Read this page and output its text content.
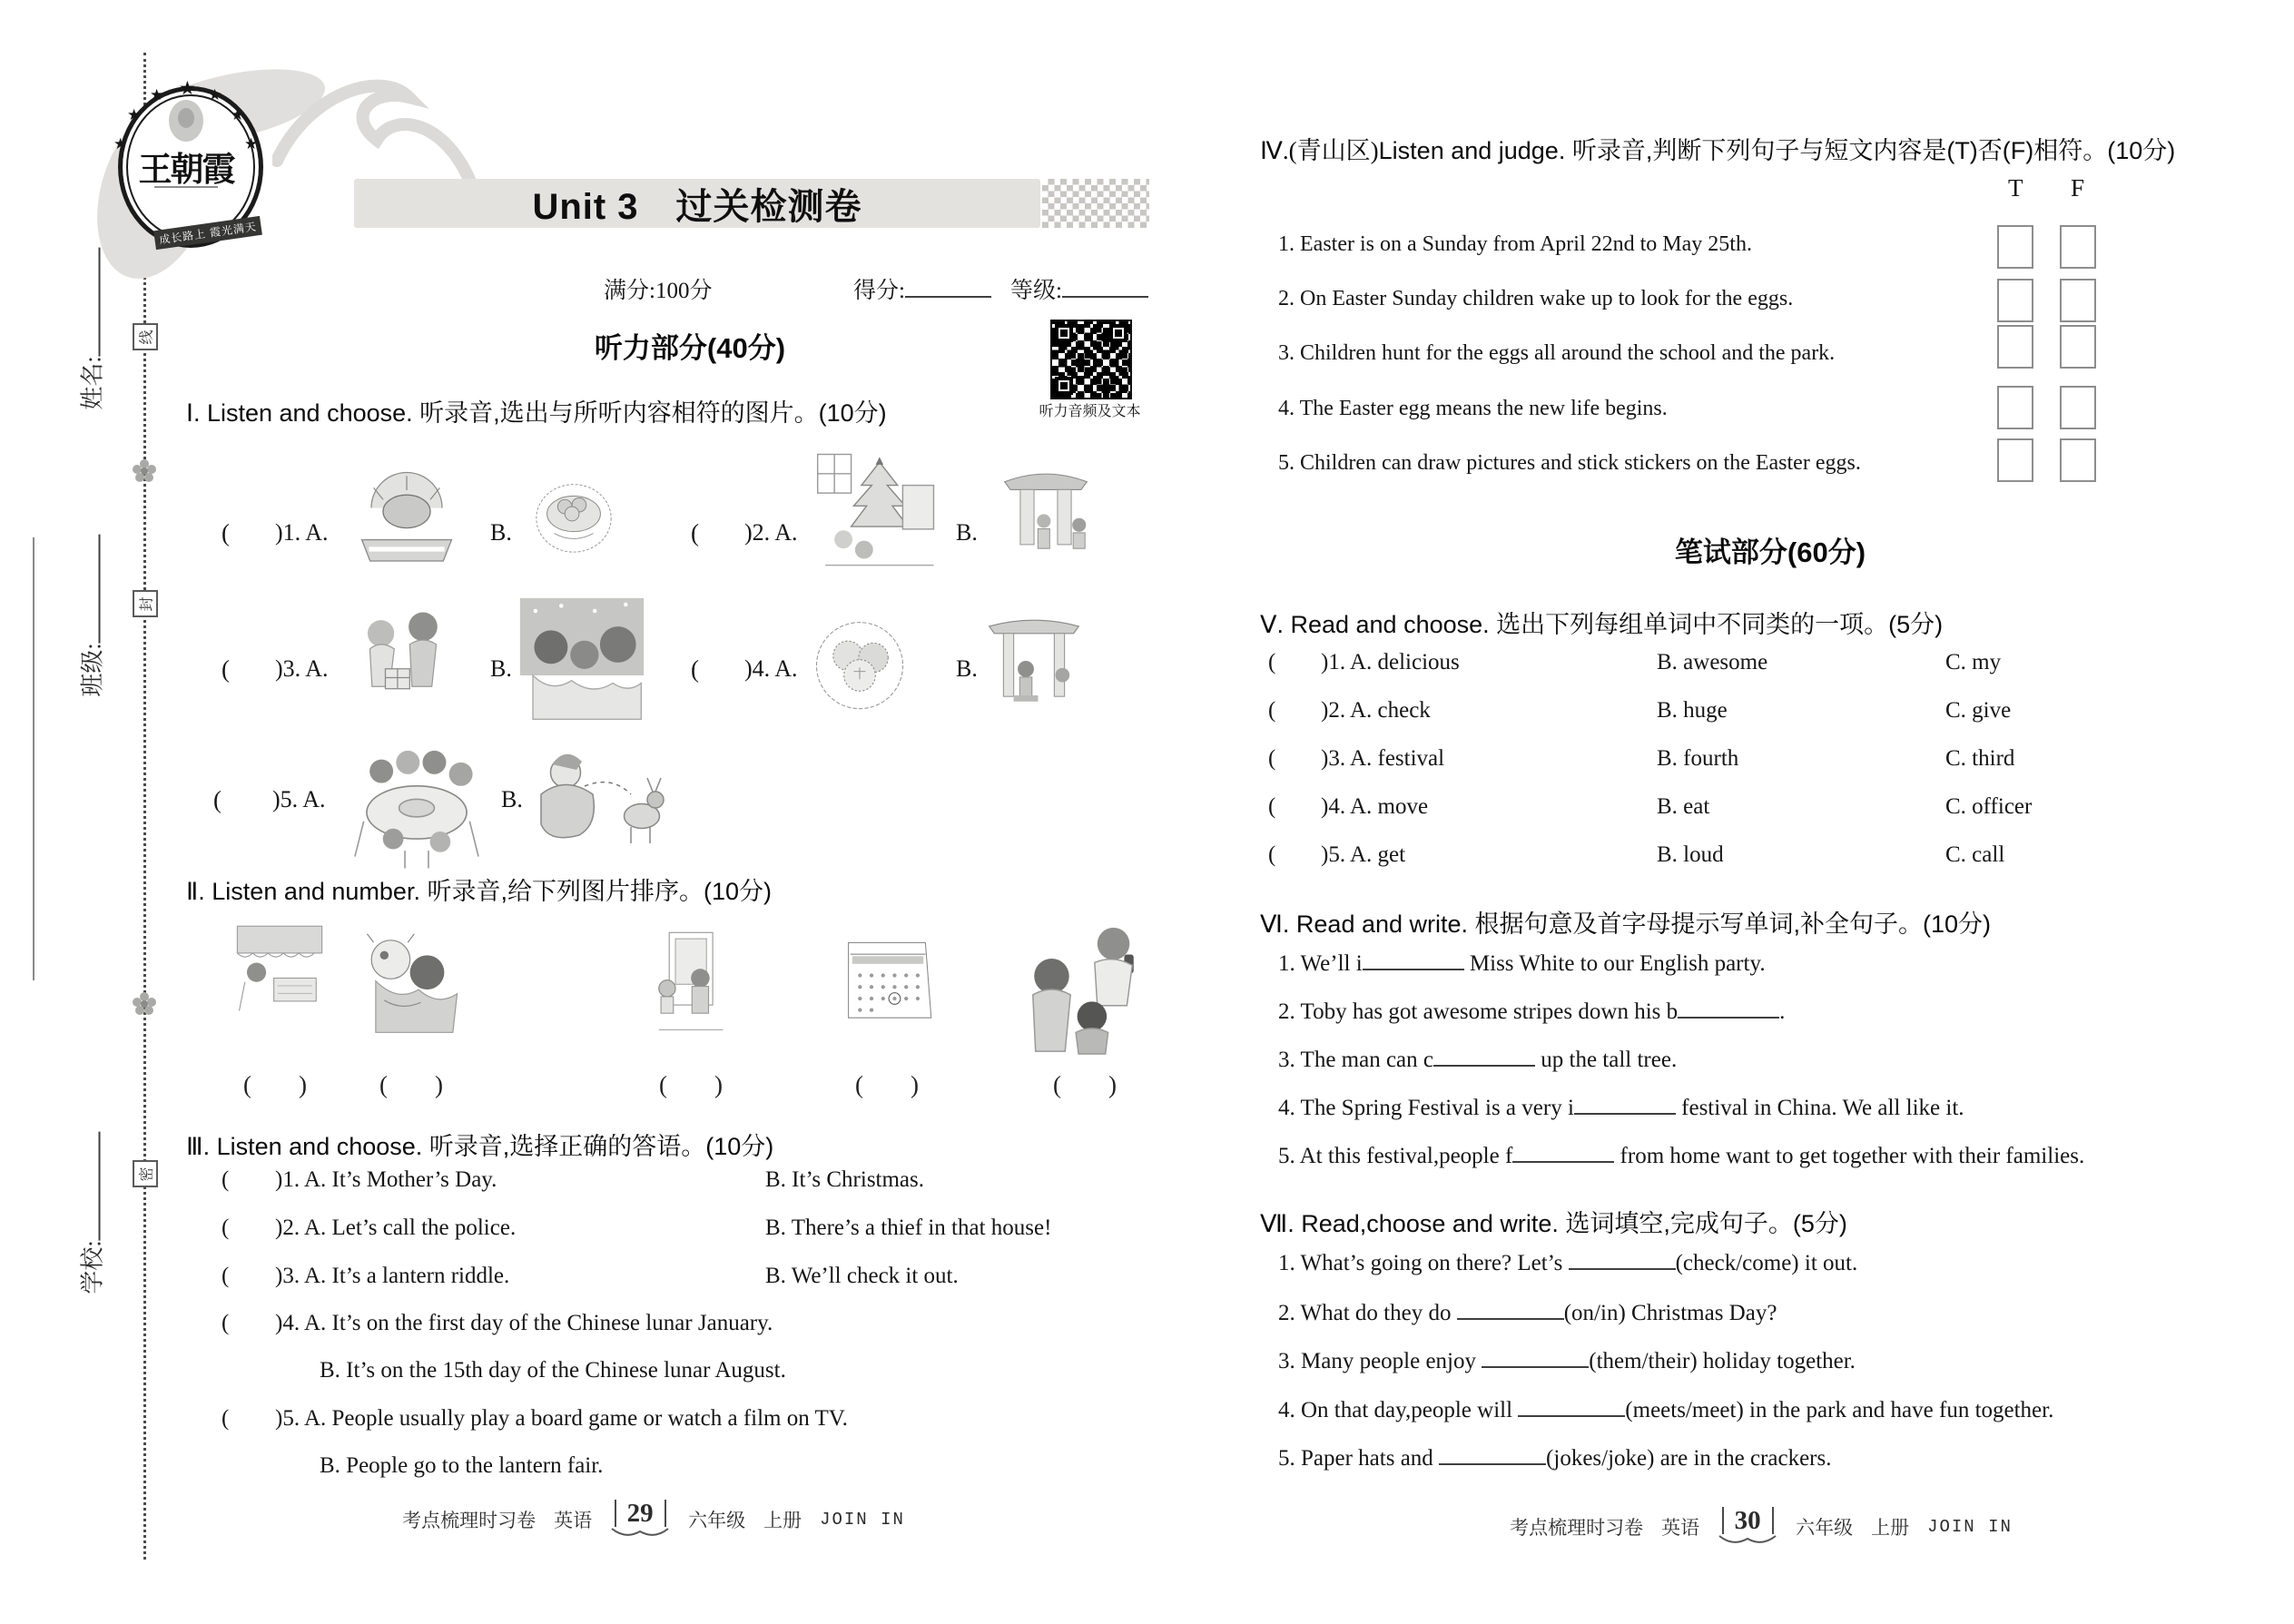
姓名:
班级:
学校:
线
封
密
★
★
★ ★ ★
★
★
王朝霞
成长路上 霞光满天
Unit 3　过关检测卷
满分:100分	得分:	等级:
听力部分(40分)
听力音频及文本
Ⅰ. Listen and choose. 听录音,选出与所听内容相符的图片。(10分)
( )1. A.	B.	( )2. A.	B.
( )3. A.	B.	( )4. A.	B.
( )5. A.	B.
Ⅱ. Listen and number. 听录音,给下列图片排序。(10分)
( )	( )	( )	( )	( )
Ⅲ. Listen and choose. 听录音,选择正确的答语。(10分)
( )1. A. It’s Mother’s Day.	B. It’s Christmas.
( )2. A. Let’s call the police.	B. There’s a thief in that house!
( )3. A. It’s a lantern riddle.	B. We’ll check it out.
( )4. A. It’s on the first day of the Chinese lunar January.
B. It’s on the 15th day of the Chinese lunar August.
( )5. A. People usually play a board game or watch a film on TV.
B. People go to the lantern fair.
考点梳理时习卷 英语	29	六年级 上册 JOIN IN
Ⅳ.(青山区)Listen and judge. 听录音,判断下列句子与短文内容是(T)否(F)相符。(10分)
T F
1. Easter is on a Sunday from April 22nd to May 25th.
2. On Easter Sunday children wake up to look for the eggs.
3. Children hunt for the eggs all around the school and the park.
4. The Easter egg means the new life begins.
5. Children can draw pictures and stick stickers on the Easter eggs.
笔试部分(60分)
Ⅴ. Read and choose. 选出下列每组单词中不同类的一项。(5分)
( )1. A. delicious	B. awesome	C. my
( )2. A. check	B. huge	C. give
( )3. A. festival	B. fourth	C. third
( )4. A. move	B. eat	C. officer
( )5. A. get	B. loud	C. call
Ⅵ. Read and write. 根据句意及首字母提示写单词,补全句子。(10分)
1. We’ll i	Miss White to our English party.
2. Toby has got awesome stripes down his b	.
3. The man can c	up the tall tree.
4. The Spring Festival is a very i	festival in China. We all like it.
5. At this festival,people f	from home want to get together with their families.
Ⅶ. Read,choose and write. 选词填空,完成句子。(5分)
1. What’s going on there? Let’s	(check/come) it out.
2. What do they do	(on/in) Christmas Day?
3. Many people enjoy	(them/their) holiday together.
4. On that day,people will	(meets/meet) in the park and have fun together.
5. Paper hats and	(jokes/joke) are in the crackers.
考点梳理时习卷 英语	30	六年级 上册 JOIN IN
